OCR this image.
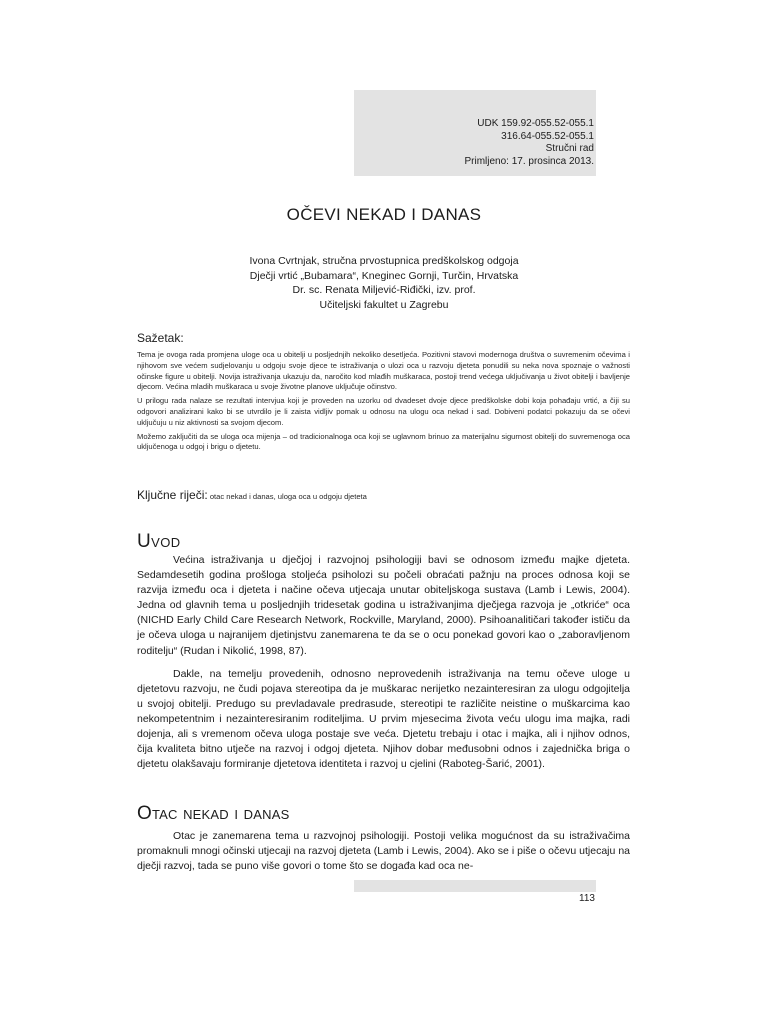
UDK 159.92-055.52-055.1
316.64-055.52-055.1
Stručni rad
Primljeno: 17. prosinca 2013.
OČEVI NEKAD I DANAS
Ivona Cvrtnjak, stručna prvostupnica predškolskog odgoja
Dječji vrtić „Bubamara“, Kneginec Gornji, Turčin, Hrvatska
Dr. sc. Renata Miljević-Riđički, izv. prof.
Učiteljski fakultet u Zagrebu
Sažetak:

Tema je ovoga rada promjena uloge oca u obitelji u posljednjih nekoliko desetljeća. Pozitivni stavovi modernoga društva o suvremenim očevima i njihovom sve većem sudjelovanju u odgoju svoje djece te istraživanja o ulozi oca u razvoju djeteta ponudili su neka nova spoznaje o važnosti očinske figure u obitelji. Novija istraživanja ukazuju da, naročito kod mlađih muškaraca, postoji trend većega uključivanja u život obitelji i bavljenje djecom. Većina mladih muškaraca u svoje životne planove uključuje očinstvo.

U prilogu rada nalaze se rezultati intervjua koji je proveden na uzorku od dvadeset dvoje djece predškolske dobi koja pohađaju vrtić, a čiji su odgovori analizirani kako bi se utvrdilo je li zaista vidljiv pomak u odnosu na ulogu oca nekad i sad. Dobiveni podatci pokazuju da se očevi uključuju u niz aktivnosti sa svojom djecom.

Možemo zaključiti da se uloga oca mijenja – od tradicionalnoga oca koji se uglavnom brinuo za materijalnu sigurnost obitelji do suvremenoga oca uključenoga u odgoj i brigu o djetetu.

Ključne riječi: otac nekad i danas, uloga oca u odgoju djeteta
Uvod

Većina istraživanja u dječjoj i razvojnoj psihologiji bavi se odnosom između majke djeteta. Sedamdesetih godina prošloga stoljeća psiholozi su počeli obraćati pažnju na proces odnosa koji se razvija između oca i djeteta i načine očeva utjecaja unutar obiteljskoga sustava (Lamb i Lewis, 2004). Jedna od glavnih tema u posljednjih tridesetak godina u istraživanjima dječjega razvoja je „otkriće“ oca (NICHD Early Child Care Research Network, Rockville, Maryland, 2000). Psihoanalitičari također ističu da je očeva uloga u najranijem djetinjstvu zanemarena te da se o ocu ponekad govori kao o „zaboravljenom roditelju“ (Rudan i Nikolić, 1998, 87).

Dakle, na temelju provedenih, odnosno neprovedenih istraživanja na temu očeve uloge u djetetovu razvoju, ne čudi pojava stereotipa da je muškarac nerijetko nezainteresiran za ulogu odgojitelja u svojoj obitelji. Predugo su prevladavale predrasude, stereotipi te različite neistine o muškarcima kao nekompetentnim i nezainteresiranim roditeljima. U prvim mjesecima života veću ulogu ima majka, radi dojenja, ali s vremenom očeva uloga postaje sve veća. Djetetu trebaju i otac i majka, ali i njihov odnos, čija kvaliteta bitno utječe na razvoj i odgoj djeteta. Njihov dobar međusobni odnos i zajednička briga o djetetu olakšavaju formiranje djetetova identiteta i razvoj u cjelini (Raboteg-Šarić, 2001).

Otac nekad i danas

Otac je zanemarena tema u razvojnoj psihologiji. Postoji velika mogućnost da su istraživačima promaknuli mnogi očinski utjecaji na razvoj djeteta (Lamb i Lewis, 2004). Ako se i piše o očevu utjecaju na dječji razvoj, tada se puno više govori o tome što se događa kad oca ne-

113
